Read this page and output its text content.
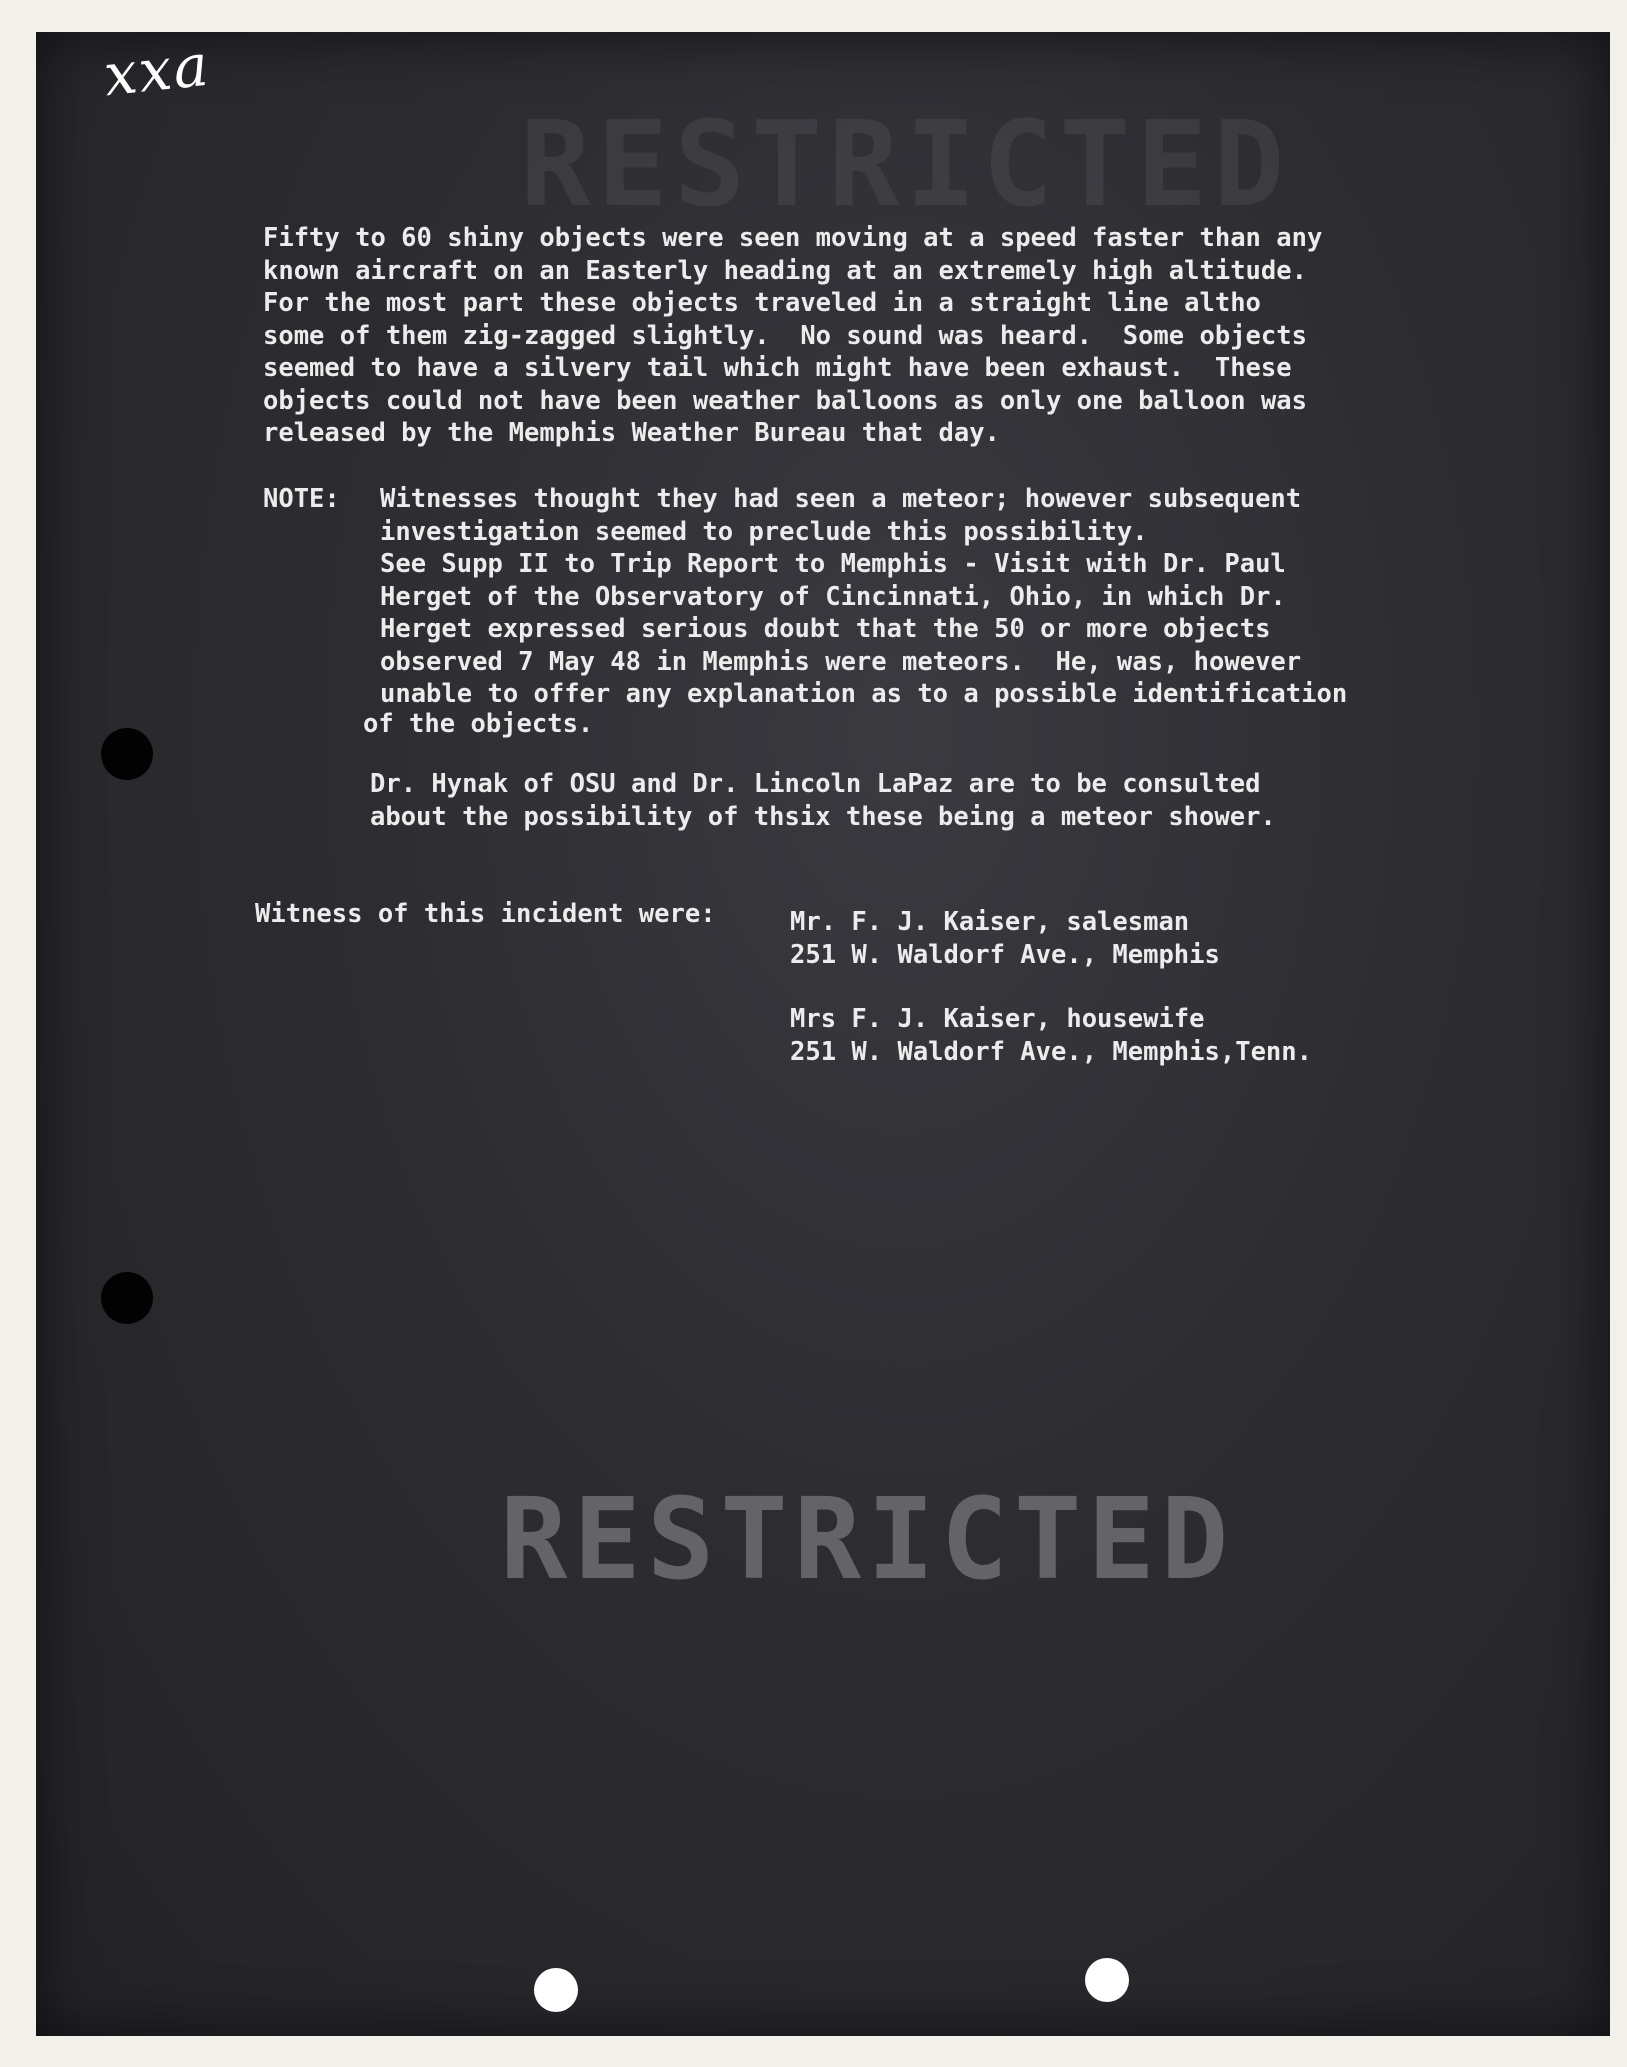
xxa
RESTRICTED
Fifty to 60 shiny objects were seen moving at a speed faster than any
known aircraft on an Easterly heading at an extremely high altitude.
For the most part these objects traveled in a straight line altho
some of them zig-zagged slightly.  No sound was heard.  Some objects
seemed to have a silvery tail which might have been exhaust.  These
objects could not have been weather balloons as only one balloon was
released by the Memphis Weather Bureau that day.
NOTE: Witnesses thought they had seen a meteor; however subsequent
investigation seemed to preclude this possibility.
See Supp II to Trip Report to Memphis - Visit with Dr. Paul
Herget of the Observatory of Cincinnati, Ohio, in which Dr.
Herget expressed serious doubt that the 50 or more objects
observed 7 May 48 in Memphis were meteors.  He, was, however
unable to offer any explanation as to a possible identification
of the objects.
Dr. Hynak of OSU and Dr. Lincoln LaPaz are to be consulted
about the possibility of thsix these being a meteor shower.
Witness of this incident were:	Mr. F. J. Kaiser, salesman
251 W. Waldorf Ave., Memphis
Mrs F. J. Kaiser, housewife
251 W. Waldorf Ave., Memphis,Tenn.
RESTRICTED
